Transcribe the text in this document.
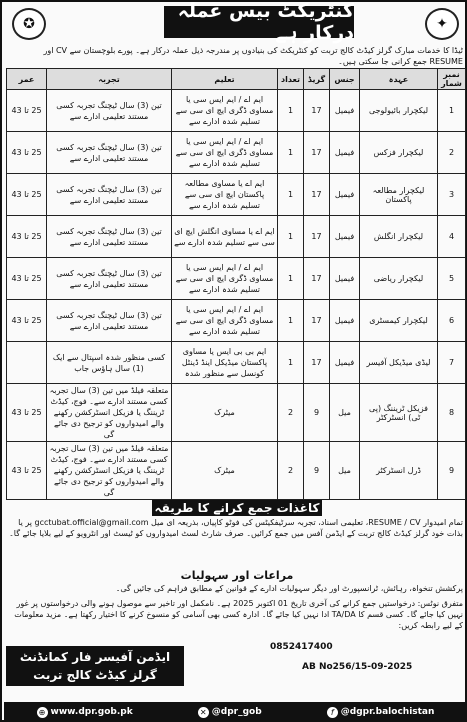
✪
کنٹریکٹ بیس عملہ درکار ہے	✦
ٹیڈا کا خدمات مبارک گرلز کیڈٹ کالج تربت کو کنٹریکٹ کی بنیادوں پر مندرجہ ذیل عملہ درکار ہے۔ پورے بلوچستان سے CV اور RESUME جمع کرانی جا سکتی ہیں۔
نمبر شمار	عہدہ	جنس	گریڈ	تعداد	تعلیم	تجربہ	عمر
1	لیکچرار بائیولوجی	فیمیل	17	1	ایم اے / ایم ایس سی یا مساوی ڈگری ایچ ای سی سے تسلیم شدہ ادارے سے	تین (3) سال ٹیچنگ تجربہ کسی مستند تعلیمی ادارے سے	25 تا 43
2	لیکچرار فزکس	فیمیل	17	1	ایم اے / ایم ایس سی یا مساوی ڈگری ایچ ای سی سے تسلیم شدہ ادارے سے	تین (3) سال ٹیچنگ تجربہ کسی مستند تعلیمی ادارے سے	25 تا 43
3	لیکچرار مطالعہ پاکستان	فیمیل	17	1	ایم اے یا مساوی مطالعہ پاکستان ایچ ای سی سے تسلیم شدہ ادارے سے	تین (3) سال ٹیچنگ تجربہ کسی مستند تعلیمی ادارے سے	25 تا 43
4	لیکچرار انگلش	فیمیل	17	1	ایم اے یا مساوی انگلش ایچ ای سی سے تسلیم شدہ ادارے سے	تین (3) سال ٹیچنگ تجربہ کسی مستند تعلیمی ادارے سے	25 تا 43
5	لیکچرار ریاضی	فیمیل	17	1	ایم اے / ایم ایس سی یا مساوی ڈگری ایچ ای سی سے تسلیم شدہ ادارے سے	تین (3) سال ٹیچنگ تجربہ کسی مستند تعلیمی ادارے سے	25 تا 43
6	لیکچرار کیمسٹری	فیمیل	17	1	ایم اے / ایم ایس سی یا مساوی ڈگری ایچ ای سی سے تسلیم شدہ ادارے سے	تین (3) سال ٹیچنگ تجربہ کسی مستند تعلیمی ادارے سے	25 تا 43
7	لیڈی میڈیکل آفیسر	فیمیل	17	1	ایم بی بی ایس یا مساوی پاکستان میڈیکل اینڈ ڈینٹل کونسل سے منظور شدہ	کسی منظور شدہ اسپتال سے ایک (1) سال ہاؤس جاب	
8	فزیکل ٹریننگ (پی ٹی) انسٹرکٹر	میل	9	2	میٹرک	متعلقہ فیلڈ میں تین (3) سال تجربہ کسی مستند ادارے سے۔ فوج، کیڈٹ ٹریننگ یا فزیکل انسٹرکشن رکھنے والے امیدواروں کو ترجیح دی جائے گی	25 تا 43
9	ڈرل انسٹرکٹر	میل	9	2	میٹرک	متعلقہ فیلڈ میں تین (3) سال تجربہ کسی مستند ادارے سے۔ فوج، کیڈٹ ٹریننگ یا فزیکل انسٹرکشن رکھنے والے امیدواروں کو ترجیح دی جائے گی	25 تا 43
کاغذات جمع کرانے کا طریقہ
تمام امیدوار RESUME / CV، تعلیمی اسناد، تجربہ سرٹیفکیٹس کی فوٹو کاپیاں، بذریعہ ای میل gcctubat.official@gmail.com پر یا بذات خود گرلز کیڈٹ کالج تربت کے ایڈمن آفس میں جمع کرائیں۔ صرف شارٹ لسٹ امیدواروں کو ٹیسٹ اور انٹرویو کے لیے بلایا جائے گا۔
مراعات اور سہولیات
پرکشش تنخواہ، رہائش، ٹرانسپورٹ اور دیگر سہولیات ادارے کے قوانین کے مطابق فراہم کی جائیں گی۔
متفرق نوٹس: درخواستیں جمع کرانے کی آخری تاریخ 01 اکتوبر 2025 ہے۔ نامکمل اور تاخیر سے موصول ہونے والی درخواستوں پر غور نہیں کیا جائے گا۔ کسی قسم کا TA/DA ادا نہیں کیا جائے گا۔ ادارہ کسی بھی آسامی کو منسوخ کرنے کا اختیار رکھتا ہے۔ مزید معلومات کے لیے رابطہ کریں:
0852417400
AB No256/15-09-2025
ایڈمن آفیسر فار کمانڈنٹ
گرلز کیڈٹ کالج تربت
⊕ www.dpr.gob.pk	✕ @dpr_gob	f @dgpr.balochistan
